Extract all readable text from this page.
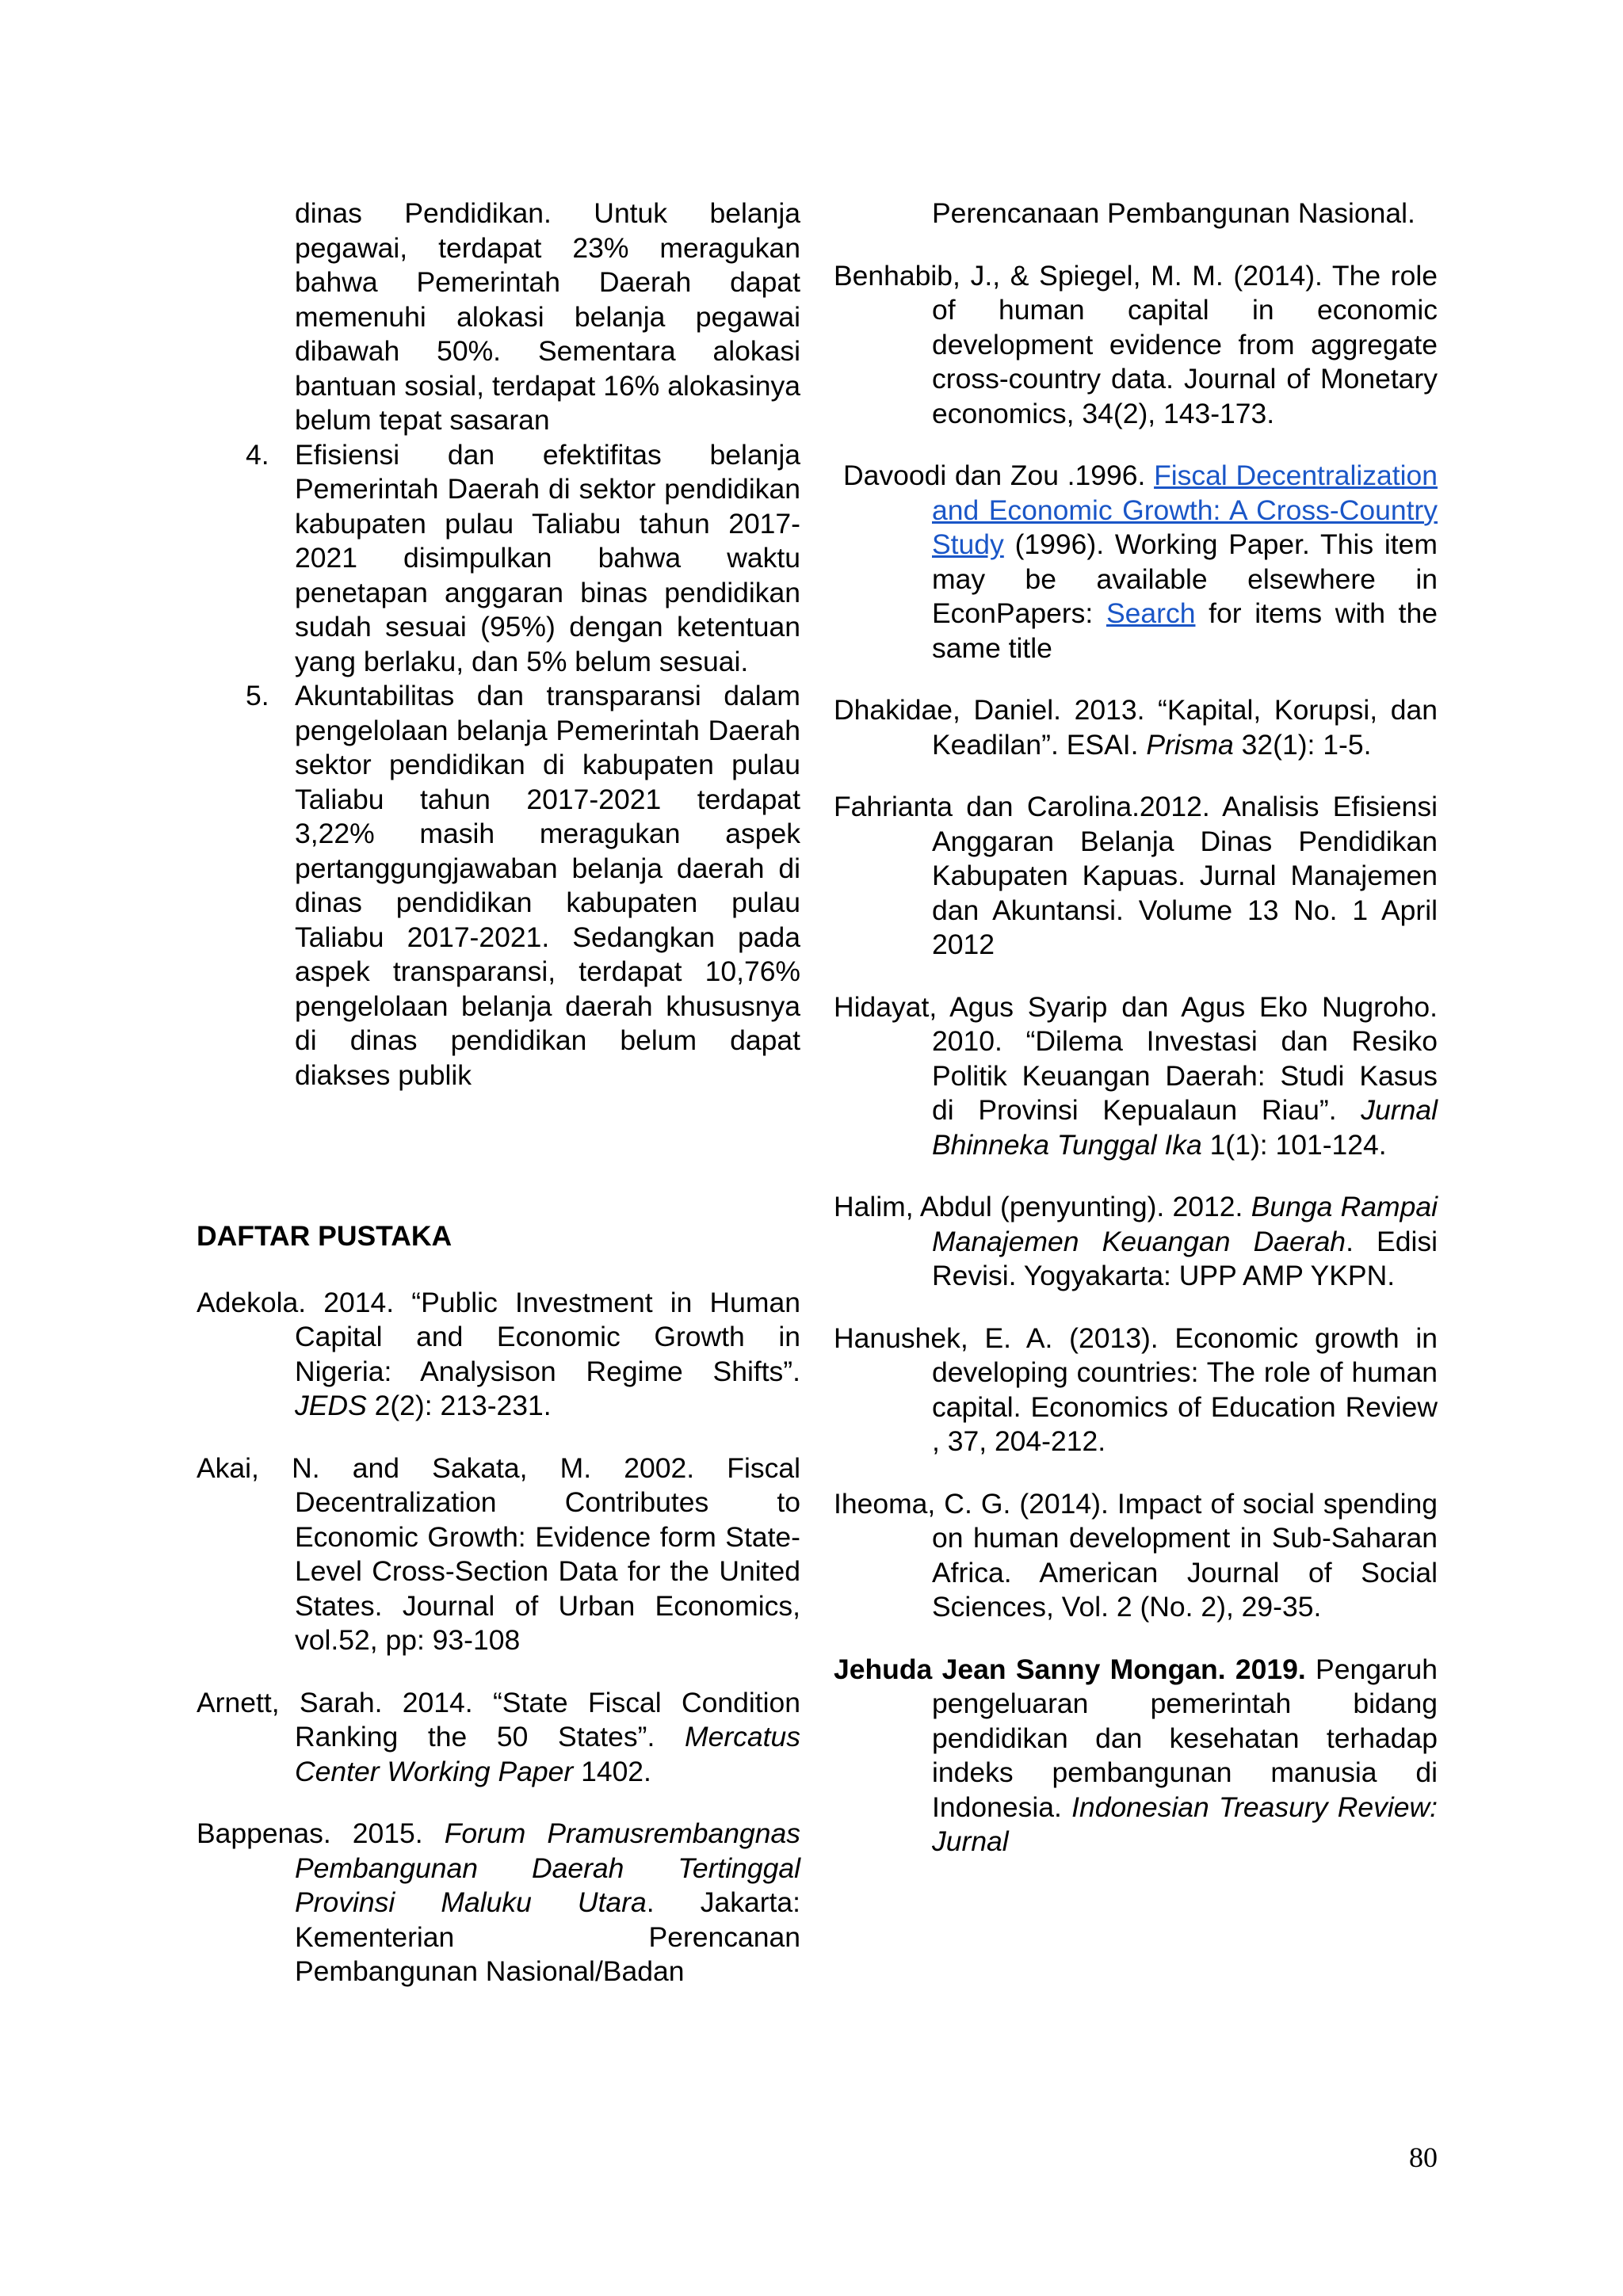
dinas Pendidikan. Untuk belanja pegawai, terdapat 23% meragukan bahwa Pemerintah Daerah dapat memenuhi alokasi belanja pegawai dibawah 50%. Sementara alokasi bantuan sosial, terdapat 16% alokasinya belum tepat sasaran
4. Efisiensi dan efektifitas belanja Pemerintah Daerah di sektor pendidikan kabupaten pulau Taliabu tahun 2017-2021 disimpulkan bahwa waktu penetapan anggaran binas pendidikan sudah sesuai (95%) dengan ketentuan yang berlaku, dan 5% belum sesuai.
5. Akuntabilitas dan transparansi dalam pengelolaan belanja Pemerintah Daerah sektor pendidikan di kabupaten pulau Taliabu tahun 2017-2021 terdapat 3,22% masih meragukan aspek pertanggungjawaban belanja daerah di dinas pendidikan kabupaten pulau Taliabu 2017-2021. Sedangkan pada aspek transparansi, terdapat 10,76% pengelolaan belanja daerah khususnya di dinas pendidikan belum dapat diakses publik
DAFTAR PUSTAKA
Adekola. 2014. “Public Investment in Human Capital and Economic Growth in Nigeria: Analysison Regime Shifts”. JEDS 2(2): 213-231.
Akai, N. and Sakata, M. 2002. Fiscal Decentralization Contributes to Economic Growth: Evidence form State-Level Cross-Section Data for the United States. Journal of Urban Economics, vol.52, pp: 93-108
Arnett, Sarah. 2014. “State Fiscal Condition Ranking the 50 States”. Mercatus Center Working Paper 1402.
Bappenas. 2015. Forum Pramusrembangnas Pembangunan Daerah Tertinggal Provinsi Maluku Utara. Jakarta: Kementerian Perencanan Pembangunan Nasional/Badan
Perencanaan Pembangunan Nasional.
Benhabib, J., & Spiegel, M. M. (2014). The role of human capital in economic development evidence from aggregate cross-country data. Journal of Monetary economics, 34(2), 143-173.
Davoodi dan Zou .1996. Fiscal Decentralization and Economic Growth: A Cross-Country Study (1996). Working Paper. This item may be available elsewhere in EconPapers: Search for items with the same title
Dhakidae, Daniel. 2013. “Kapital, Korupsi, dan Keadilan”. ESAI. Prisma 32(1): 1-5.
Fahrianta dan Carolina.2012. Analisis Efisiensi Anggaran Belanja Dinas Pendidikan Kabupaten Kapuas. Jurnal Manajemen dan Akuntansi. Volume 13 No. 1 April 2012
Hidayat, Agus Syarip dan Agus Eko Nugroho. 2010. “Dilema Investasi dan Resiko Politik Keuangan Daerah: Studi Kasus di Provinsi Kepualaun Riau”. Jurnal Bhinneka Tunggal Ika 1(1): 101-124.
Halim, Abdul (penyunting). 2012. Bunga Rampai Manajemen Keuangan Daerah. Edisi Revisi. Yogyakarta: UPP AMP YKPN.
Hanushek, E. A. (2013). Economic growth in developing countries: The role of human capital. Economics of Education Review , 37, 204-212.
Iheoma, C. G. (2014). Impact of social spending on human development in Sub-Saharan Africa. American Journal of Social Sciences, Vol. 2 (No. 2), 29-35.
Jehuda Jean Sanny Mongan. 2019. Pengaruh pengeluaran pemerintah bidang pendidikan dan kesehatan terhadap indeks pembangunan manusia di Indonesia. Indonesian Treasury Review: Jurnal
80
